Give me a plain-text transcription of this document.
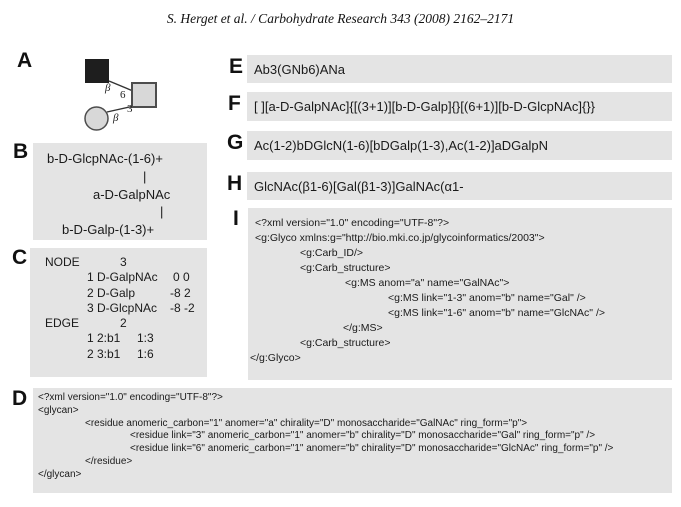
S. Herget et al. / Carbohydrate Research 343 (2008) 2162–2171
A
β
6
β
3
B b-D-GlcpNAc-(1-6)+
|
a-D-GalpNAc
|
b-D-Galp-(1-3)+
C NODE	3
1 D-GalpNAc 0 0
2 D-Galp	-8 2
3 D-GlcpNAc -8 -2
EDGE	2
1 2:b1 1:3
2 3:b1 1:6
D <?xml version="1.0" encoding="UTF-8"?>
<glycan>
<residue anomeric_carbon="1" anomer="a" chirality="D" monosaccharide="GalNAc" ring_form="p">
<residue link="3" anomeric_carbon="1" anomer="b" chirality="D" monosaccharide="Gal" ring_form="p" />
<residue link="6" anomeric_carbon="1" anomer="b" chirality="D" monosaccharide="GlcNAc" ring_form="p" />
</residue>
</glycan>
E Ab3(GNb6)ANa
F [ ][a-D-GalpNAc]{[(3+1)][b-D-Galp]{}[(6+1)][b-D-GlcpNAc]{}}
G Ac(1-2)bDGlcN(1-6)[bDGalp(1-3),Ac(1-2)]aDGalpN
H GlcNAc(β1-6)[Gal(β1-3)]GalNAc(α1-
I <?xml version="1.0" encoding="UTF-8"?>
<g:Glyco xmlns:g="http://bio.mki.co.jp/glycoinformatics/2003">
<g:Carb_ID/>
<g:Carb_structure>
<g:MS anom="a" name="GalNAc">
<g:MS link="1-3" anom="b" name="Gal" />
<g:MS link="1-6" anom="b" name="GlcNAc" />
</g:MS>
<g:Carb_structure>
</g:Glyco>
